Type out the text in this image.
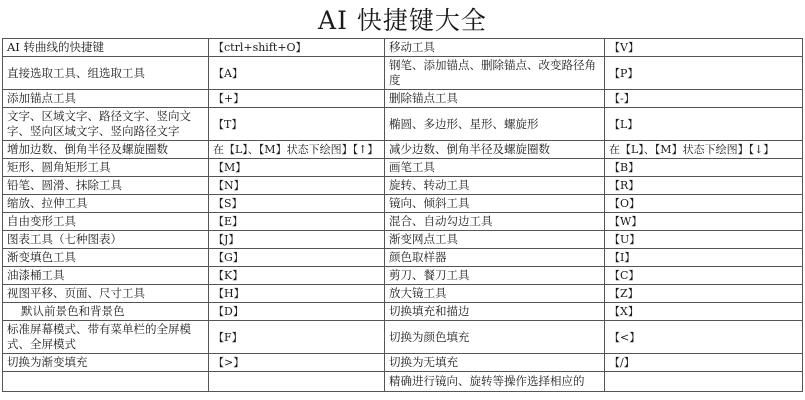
AI 快捷键大全
AI 转曲线的快捷键	【ctrl+shift+O】	移动工具	【V】
直接选取工具、组选取工具	【A】	钢笔、添加锚点、删除锚点、改变路径角度	【P】
添加锚点工具	【+】	删除锚点工具	【-】
文字、区域文字、路径文字、竖向文字、竖向区域文字、竖向路径文字	【T】	椭圆、多边形、星形、螺旋形	【L】
增加边数、倒角半径及螺旋圈数	在【L】、【M】状态下绘图】【↑】	减少边数、倒角半径及螺旋圈数	在【L】、【M】状态下绘图】【↓】
矩形、圆角矩形工具	【M】	画笔工具	【B】
铅笔、圆滑、抹除工具	【N】	旋转、转动工具	【R】
缩放、拉伸工具	【S】	镜向、倾斜工具	【O】
自由变形工具	【E】	混合、自动勾边工具	【W】
图表工具（七种图表）	【J】	渐变网点工具	【U】
渐变填色工具	【G】	颜色取样器	【I】
油漆桶工具	【K】	剪刀、餐刀工具	【C】
视图平移、页面、尺寸工具	【H】	放大镜工具	【Z】
默认前景色和背景色	【D】	切换填充和描边	【X】
标准屏幕模式、带有菜单栏的全屏模式、全屏模式	【F】	切换为颜色填充	【<】
切换为渐变填充	【>】	切换为无填充	【/】
		精确进行镜向、旋转等操作选择相应的	
